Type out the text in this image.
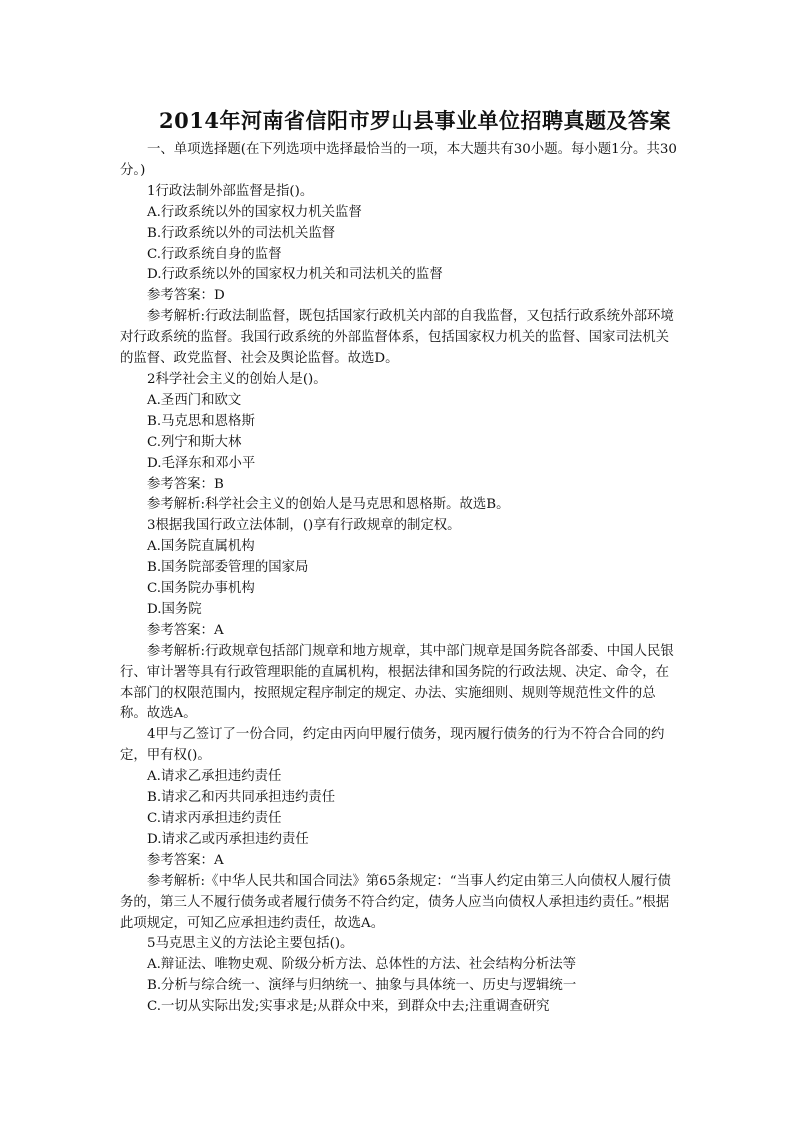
2014年河南省信阳市罗山县事业单位招聘真题及答案

一、单项选择题(在下列选项中选择最恰当的一项，本大题共有30小题。每小题1分。共30分。)

1行政法制外部监督是指()。

A.行政系统以外的国家权力机关监督

B.行政系统以外的司法机关监督

C.行政系统自身的监督

D.行政系统以外的国家权力机关和司法机关的监督

参考答案：D

参考解析:行政法制监督，既包括国家行政机关内部的自我监督，又包括行政系统外部环境对行政系统的监督。我国行政系统的外部监督体系，包括国家权力机关的监督、国家司法机关的监督、政党监督、社会及舆论监督。故选D。

2科学社会主义的创始人是()。

A.圣西门和欧文

B.马克思和恩格斯

C.列宁和斯大林

D.毛泽东和邓小平

参考答案：B

参考解析:科学社会主义的创始人是马克思和恩格斯。故选B。

3根据我国行政立法体制，()享有行政规章的制定权。

A.国务院直属机构

B.国务院部委管理的国家局

C.国务院办事机构

D.国务院

参考答案：A

参考解析:行政规章包括部门规章和地方规章，其中部门规章是国务院各部委、中国人民银行、审计署等具有行政管理职能的直属机构，根据法律和国务院的行政法规、决定、命令，在本部门的权限范围内，按照规定程序制定的规定、办法、实施细则、规则等规范性文件的总称。故选A。

4甲与乙签订了一份合同，约定由丙向甲履行债务，现丙履行债务的行为不符合合同的约定，甲有权()。

A.请求乙承担违约责任

B.请求乙和丙共同承担违约责任

C.请求丙承担违约责任

D.请求乙或丙承担违约责任

参考答案：A

参考解析:《中华人民共和国合同法》第65条规定：“当事人约定由第三人向债权人履行债务的，第三人不履行债务或者履行债务不符合约定，债务人应当向债权人承担违约责任。”根据此项规定，可知乙应承担违约责任，故选A。

5马克思主义的方法论主要包括()。

A.辩证法、唯物史观、阶级分析方法、总体性的方法、社会结构分析法等

B.分析与综合统一、演绎与归纳统一、抽象与具体统一、历史与逻辑统一

C.一切从实际出发;实事求是;从群众中来，到群众中去;注重调查研究
